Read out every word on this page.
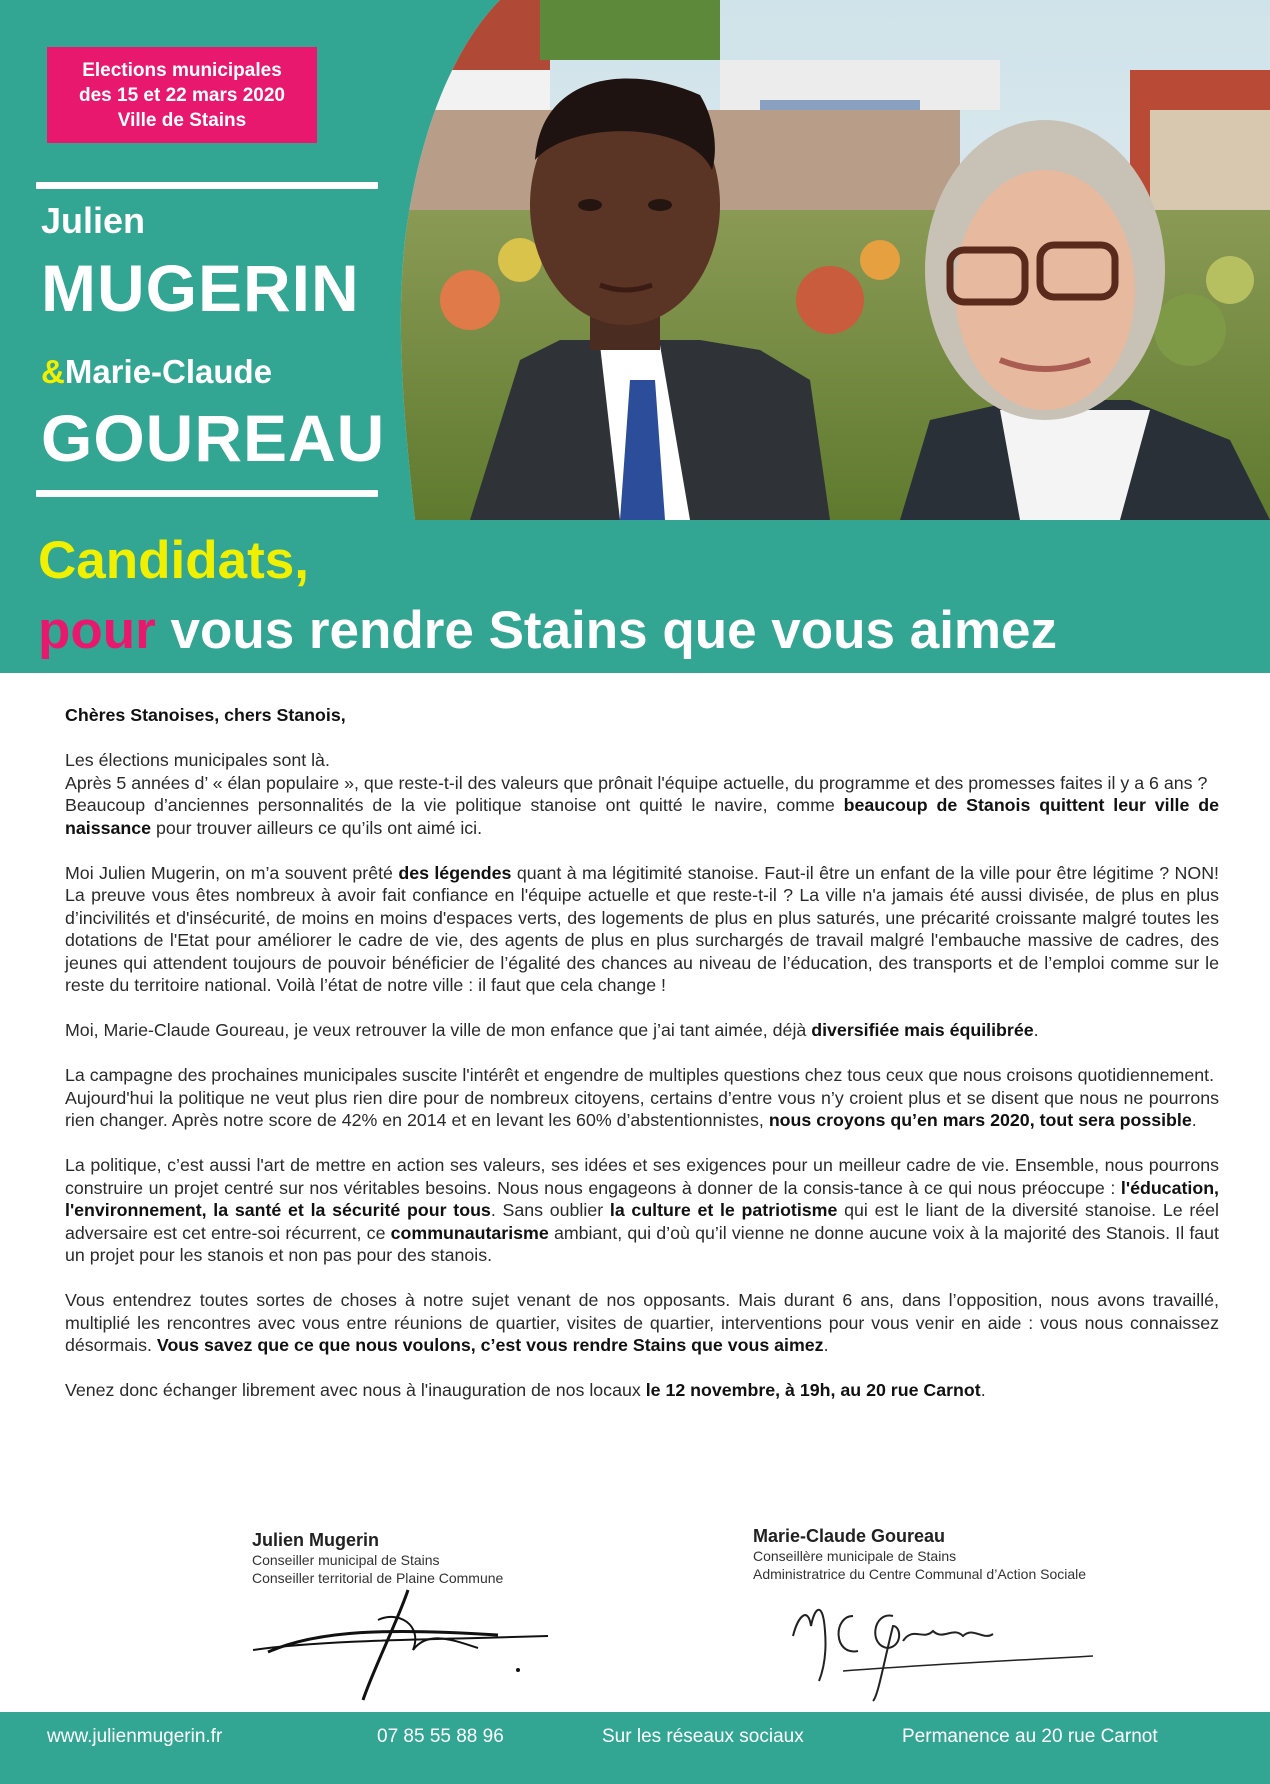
Elections municipales
des 15 et 22 mars 2020
Ville de Stains
Julien
MUGERIN
&Marie-Claude
GOUREAU
Candidats,
pour vous rendre Stains que vous aimez

Chères Stanoises, chers Stanois,

Les élections municipales sont là.
Après 5 années d’ « élan populaire », que reste-t-il des valeurs que prônait l'équipe actuelle, du programme et des promesses faites il y a 6 ans ?
Beaucoup d’anciennes personnalités de la vie politique stanoise ont quitté le navire, comme beaucoup de Stanois quittent leur ville de naissance pour trouver ailleurs ce qu’ils ont aimé ici.

Moi Julien Mugerin, on m’a souvent prêté des légendes quant à ma légitimité stanoise. Faut-il être un enfant de la ville pour être légitime ? NON! La preuve vous êtes nombreux à avoir fait confiance en l'équipe actuelle et que reste-t-il ? La ville n'a jamais été aussi divisée, de plus en plus d’incivilités et d'insécurité, de moins en moins d'espaces verts, des logements de plus en plus saturés, une précarité croissante malgré toutes les dotations de l'Etat pour améliorer le cadre de vie, des agents de plus en plus surchargés de travail malgré l'embauche massive de cadres, des jeunes qui attendent toujours de pouvoir bénéficier de l’égalité des chances au niveau de l’éducation, des transports et de l’emploi comme sur le reste du territoire national. Voilà l’état de notre ville : il faut que cela change !

Moi, Marie-Claude Goureau, je veux retrouver la ville de mon enfance que j’ai tant aimée, déjà diversifiée mais équilibrée.

La campagne des prochaines municipales suscite l'intérêt et engendre de multiples questions chez tous ceux que nous croisons quotidiennement.
Aujourd'hui la politique ne veut plus rien dire pour de nombreux citoyens, certains d’entre vous n’y croient plus et se disent que nous ne pourrons rien changer. Après notre score de 42% en 2014 et en levant les 60% d’abstentionnistes, nous croyons qu’en mars 2020, tout sera possible.

La politique, c’est aussi l'art de mettre en action ses valeurs, ses idées et ses exigences pour un meilleur cadre de vie. Ensemble, nous pourrons construire un projet centré sur nos véritables besoins. Nous nous engageons à donner de la consis-tance à ce qui nous préoccupe : l'éducation, l'environnement, la santé et la sécurité pour tous. Sans oublier la culture et le patriotisme qui est le liant de la diversité stanoise. Le réel adversaire est cet entre-soi récurrent, ce communautarisme ambiant, qui d’où qu’il vienne ne donne aucune voix à la majorité des Stanois. Il faut un projet pour les stanois et non pas pour des stanois.

Vous entendrez toutes sortes de choses à notre sujet venant de nos opposants. Mais durant 6 ans, dans l’opposition, nous avons travaillé, multiplié les rencontres avec vous entre réunions de quartier, visites de quartier, interventions pour vous venir en aide : vous nous connaissez désormais. Vous savez que ce que nous voulons, c’est vous rendre Stains que vous aimez.

Venez donc échanger librement avec nous à l'inauguration de nos locaux le 12 novembre, à 19h, au 20 rue Carnot.

Julien Mugerin
Conseiller municipal de Stains
Conseiller territorial de Plaine Commune
Marie-Claude Goureau
Conseillère municipale de Stains
Administratrice du Centre Communal d’Action Sociale
www.julienmugerin.fr	07 85 55 88 96	Sur les réseaux sociaux	Permanence au 20 rue Carnot
